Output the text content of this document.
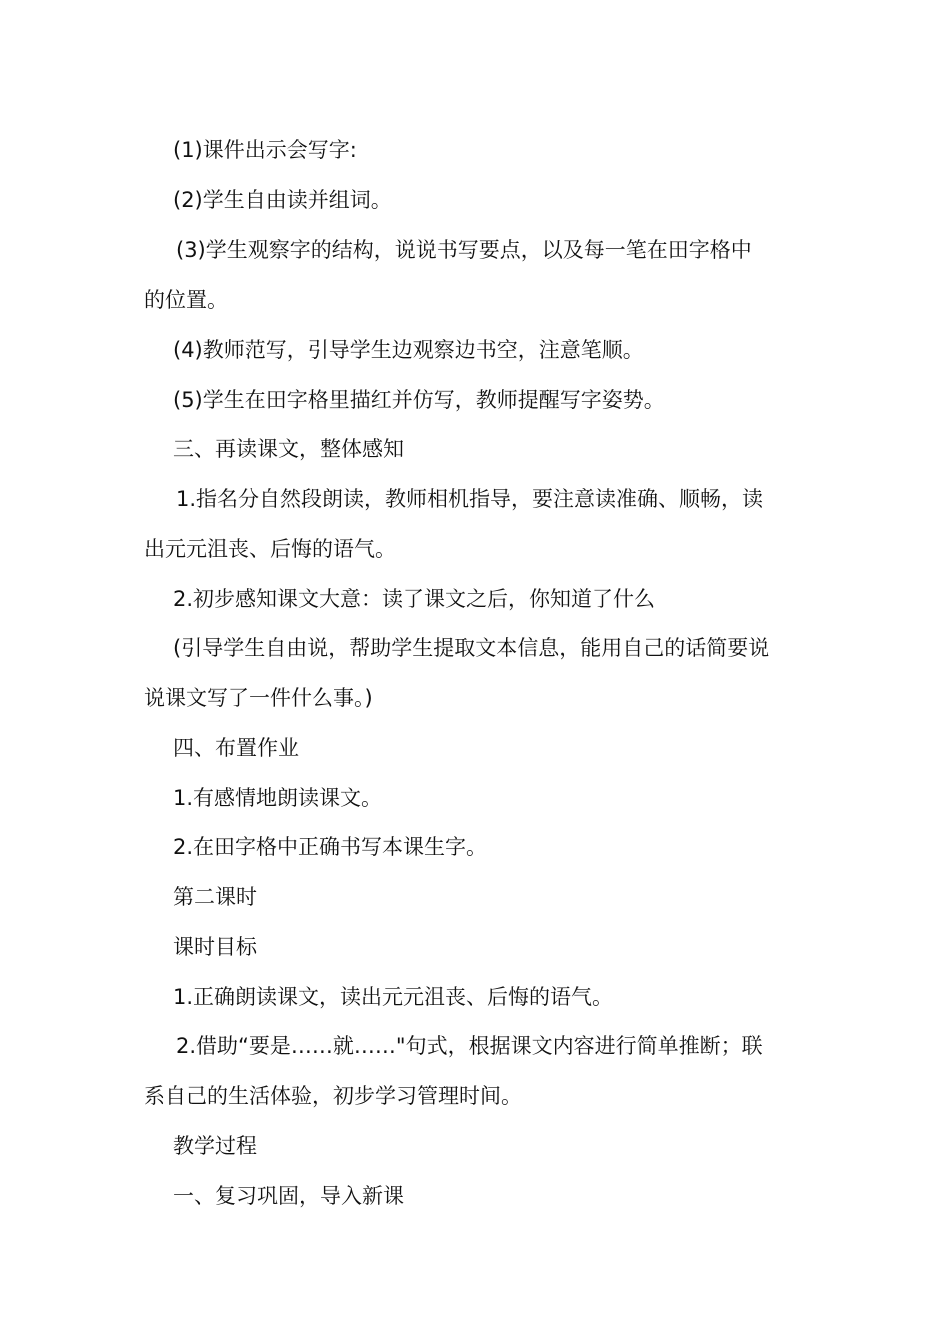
(1)课件出示会写字:
(2)学生自由读并组词。
(3)学生观察字的结构，说说书写要点，以及每一笔在田字格中
的位置。
(4)教师范写，引导学生边观察边书空，注意笔顺。
(5)学生在田字格里描红并仿写，教师提醒写字姿势。
三、再读课文，整体感知
1.指名分自然段朗读，教师相机指导，要注意读准确、顺畅，读
出元元沮丧、后悔的语气。
2.初步感知课文大意：读了课文之后，你知道了什么
(引导学生自由说，帮助学生提取文本信息，能用自己的话简要说
说课文写了一件什么事。)
四、布置作业
1.有感情地朗读课文。
2.在田字格中正确书写本课生字。
第二课时
课时目标
1.正确朗读课文，读出元元沮丧、后悔的语气。
2.借助“要是……就……"句式，根据课文内容进行简单推断；联
系自己的生活体验，初步学习管理时间。
教学过程
一、复习巩固，导入新课
